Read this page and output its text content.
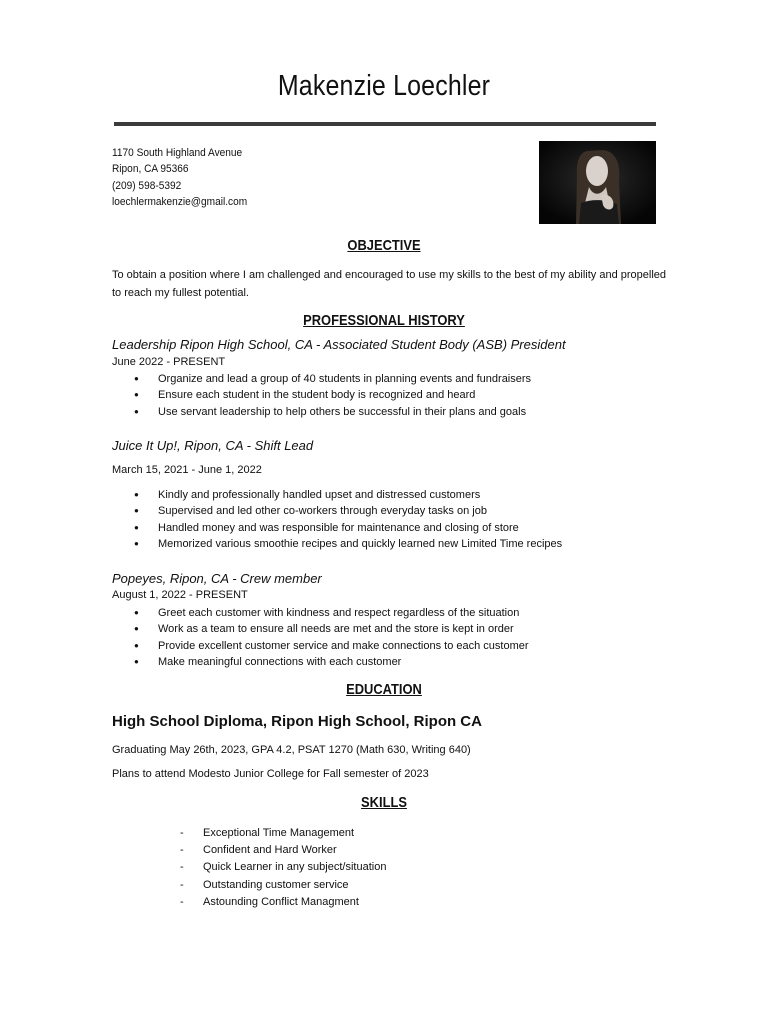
Makenzie Loechler
1170 South Highland Avenue
Ripon, CA 95366
(209) 598-5392
loechlermakenzie@gmail.com
OBJECTIVE
To obtain a position where I am challenged and encouraged to use my skills to the best of my ability and propelled to reach my fullest potential.
PROFESSIONAL HISTORY
Leadership Ripon High School, CA - Associated Student Body (ASB) President
June 2022 - PRESENT
● Organize and lead a group of 40 students in planning events and fundraisers
● Ensure each student in the student body is recognized and heard
● Use servant leadership to help others be successful in their plans and goals
Juice It Up!, Ripon, CA - Shift Lead
March 15, 2021 - June 1, 2022
● Kindly and professionally handled upset and distressed customers
● Supervised and led other co-workers through everyday tasks on job
● Handled money and was responsible for maintenance and closing of store
● Memorized various smoothie recipes and quickly learned new Limited Time recipes
Popeyes, Ripon, CA - Crew member
August 1, 2022 - PRESENT
● Greet each customer with kindness and respect regardless of the situation
● Work as a team to ensure all needs are met and the store is kept in order
● Provide excellent customer service and make connections to each customer
● Make meaningful connections with each customer
EDUCATION
High School Diploma, Ripon High School, Ripon CA
Graduating May 26th, 2023, GPA 4.2, PSAT 1270 (Math 630, Writing 640)
Plans to attend Modesto Junior College for Fall semester of 2023
SKILLS
- Exceptional Time Management
- Confident and Hard Worker
- Quick Learner in any subject/situation
- Outstanding customer service
- Astounding Conflict Managment
